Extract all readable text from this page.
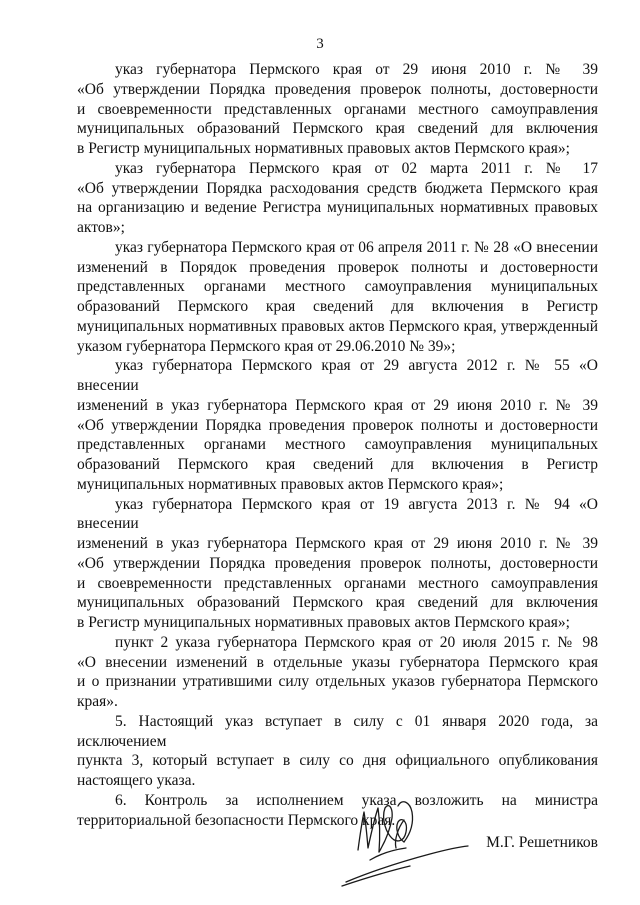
3

указ губернатора Пермского края от 29 июня 2010 г. № 39
«Об утверждении Порядка проведения проверок полноты, достоверности
и своевременности представленных органами местного самоуправления
муниципальных образований Пермского края сведений для включения
в Регистр муниципальных нормативных правовых актов Пермского края»;

указ губернатора Пермского края от 02 марта 2011 г. № 17
«Об утверждении Порядка расходования средств бюджета Пермского края
на организацию и ведение Регистра муниципальных нормативных правовых
актов»;

указ губернатора Пермского края от 06 апреля 2011 г. № 28 «О внесении
изменений в Порядок проведения проверок полноты и достоверности
представленных органами местного самоуправления муниципальных
образований Пермского края сведений для включения в Регистр
муниципальных нормативных правовых актов Пермского края, утвержденный
указом губернатора Пермского края от 29.06.2010 № 39»;

указ губернатора Пермского края от 29 августа 2012 г. № 55 «О внесении
изменений в указ губернатора Пермского края от 29 июня 2010 г. № 39
«Об утверждении Порядка проведения проверок полноты и достоверности
представленных органами местного самоуправления муниципальных
образований Пермского края сведений для включения в Регистр
муниципальных нормативных правовых актов Пермского края»;

указ губернатора Пермского края от 19 августа 2013 г. № 94 «О внесении
изменений в указ губернатора Пермского края от 29 июня 2010 г. № 39
«Об утверждении Порядка проведения проверок полноты, достоверности
и своевременности представленных органами местного самоуправления
муниципальных образований Пермского края сведений для включения
в Регистр муниципальных нормативных правовых актов Пермского края»;

пункт 2 указа губернатора Пермского края от 20 июля 2015 г. № 98
«О внесении изменений в отдельные указы губернатора Пермского края
и о признании утратившими силу отдельных указов губернатора Пермского
края».

5. Настоящий указ вступает в силу с 01 января 2020 года, за исключением
пункта 3, который вступает в силу со дня официального опубликования
настоящего указа.

6. Контроль за исполнением указа возложить на министра
территориальной безопасности Пермского края.

М.Г. Решетников
